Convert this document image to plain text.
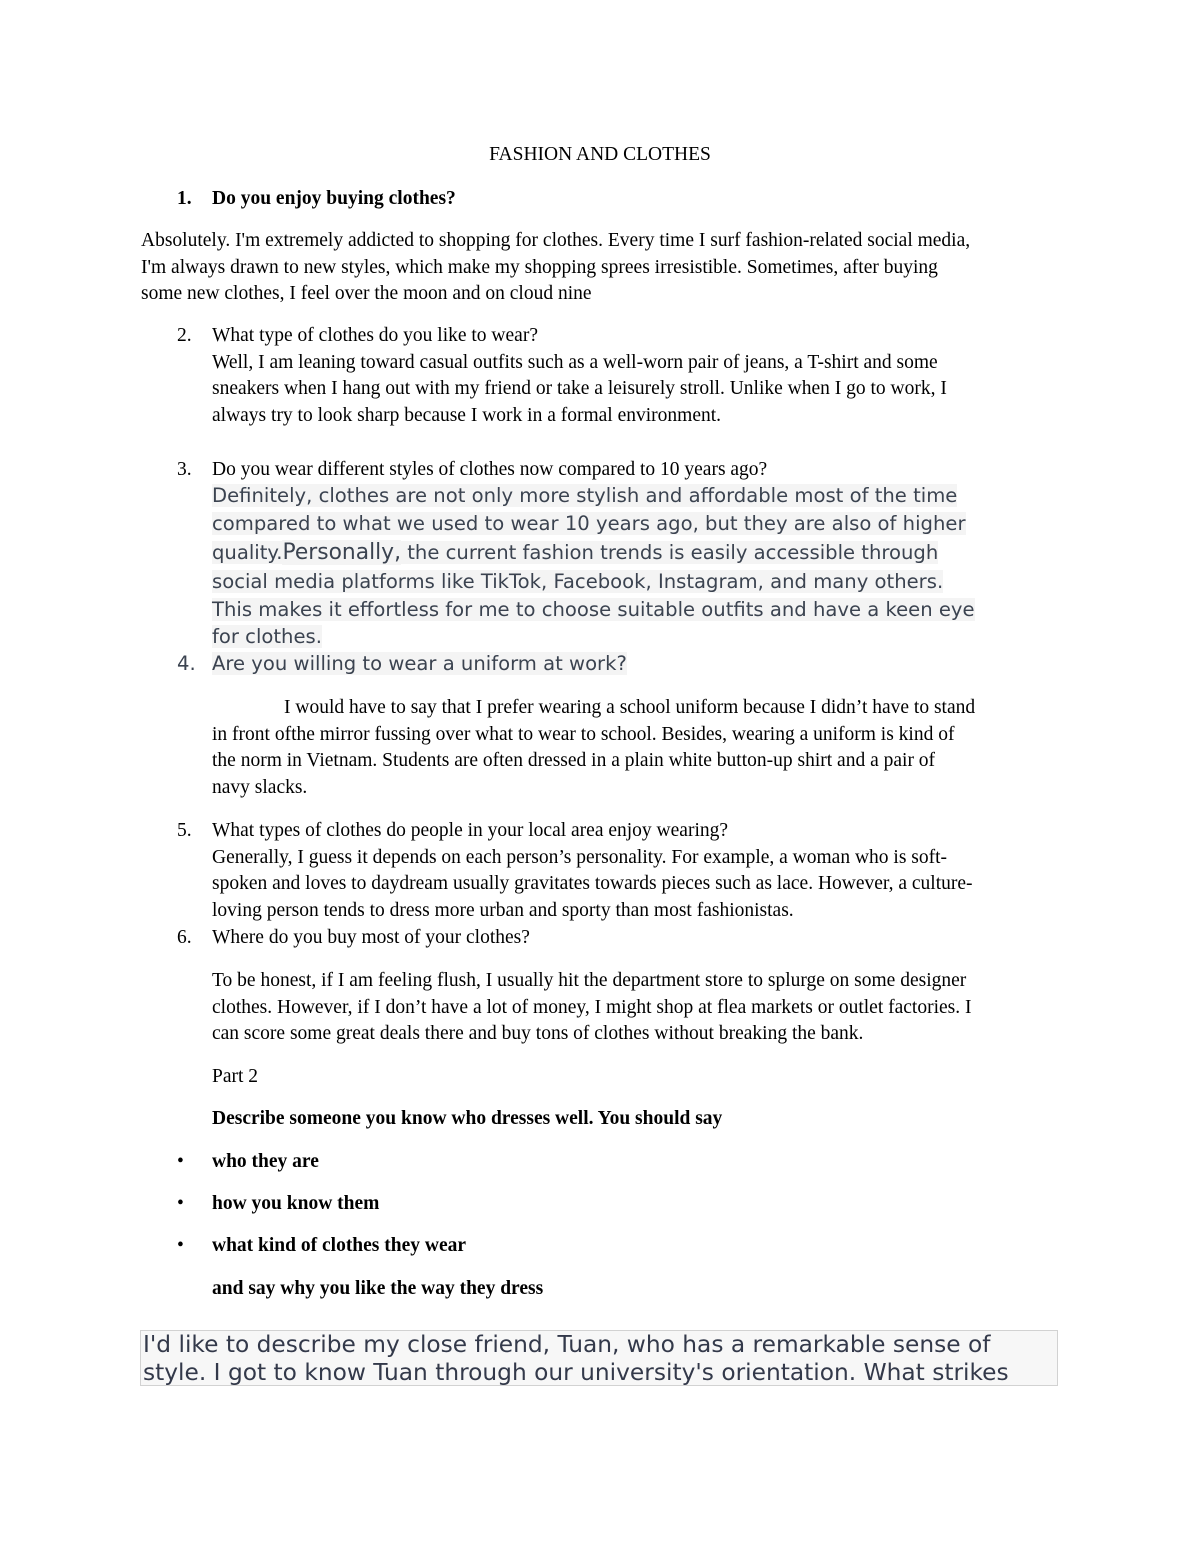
FASHION AND CLOTHES
1. Do you enjoy buying clothes?
Absolutely. I'm extremely addicted to shopping for clothes. Every time I surf fashion-related social media,
I'm always drawn to new styles, which make my shopping sprees irresistible. Sometimes, after buying
some new clothes, I feel over the moon and on cloud nine
2. What type of clothes do you like to wear?
Well, I am leaning toward casual outfits such as a well-worn pair of jeans, a T-shirt and some
sneakers when I hang out with my friend or take a leisurely stroll. Unlike when I go to work, I
always try to look sharp because I work in a formal environment.
3. Do you wear different styles of clothes now compared to 10 years ago?
Definitely, clothes are not only more stylish and affordable most of the time
compared to what we used to wear 10 years ago, but they are also of higher
quality.Personally, the current fashion trends is easily accessible through
social media platforms like TikTok, Facebook, Instagram, and many others.
This makes it effortless for me to choose suitable outfits and have a keen eye
for clothes.
4. Are you willing to wear a uniform at work?
I would have to say that I prefer wearing a school uniform because I didn’t have to stand
in front ofthe mirror fussing over what to wear to school. Besides, wearing a uniform is kind of
the norm in Vietnam. Students are often dressed in a plain white button-up shirt and a pair of
navy slacks.
5. What types of clothes do people in your local area enjoy wearing?
Generally, I guess it depends on each person’s personality. For example, a woman who is soft-
spoken and loves to daydream usually gravitates towards pieces such as lace. However, a culture-
loving person tends to dress more urban and sporty than most fashionistas.
6. Where do you buy most of your clothes?
To be honest, if I am feeling flush, I usually hit the department store to splurge on some designer
clothes. However, if I don’t have a lot of money, I might shop at flea markets or outlet factories. I
can score some great deals there and buy tons of clothes without breaking the bank.
Part 2
Describe someone you know who dresses well. You should say
• who they are
• how you know them
• what kind of clothes they wear
and say why you like the way they dress
I'd like to describe my close friend, Tuan, who has a remarkable sense of
style. I got to know Tuan through our university's orientation. What strikes
